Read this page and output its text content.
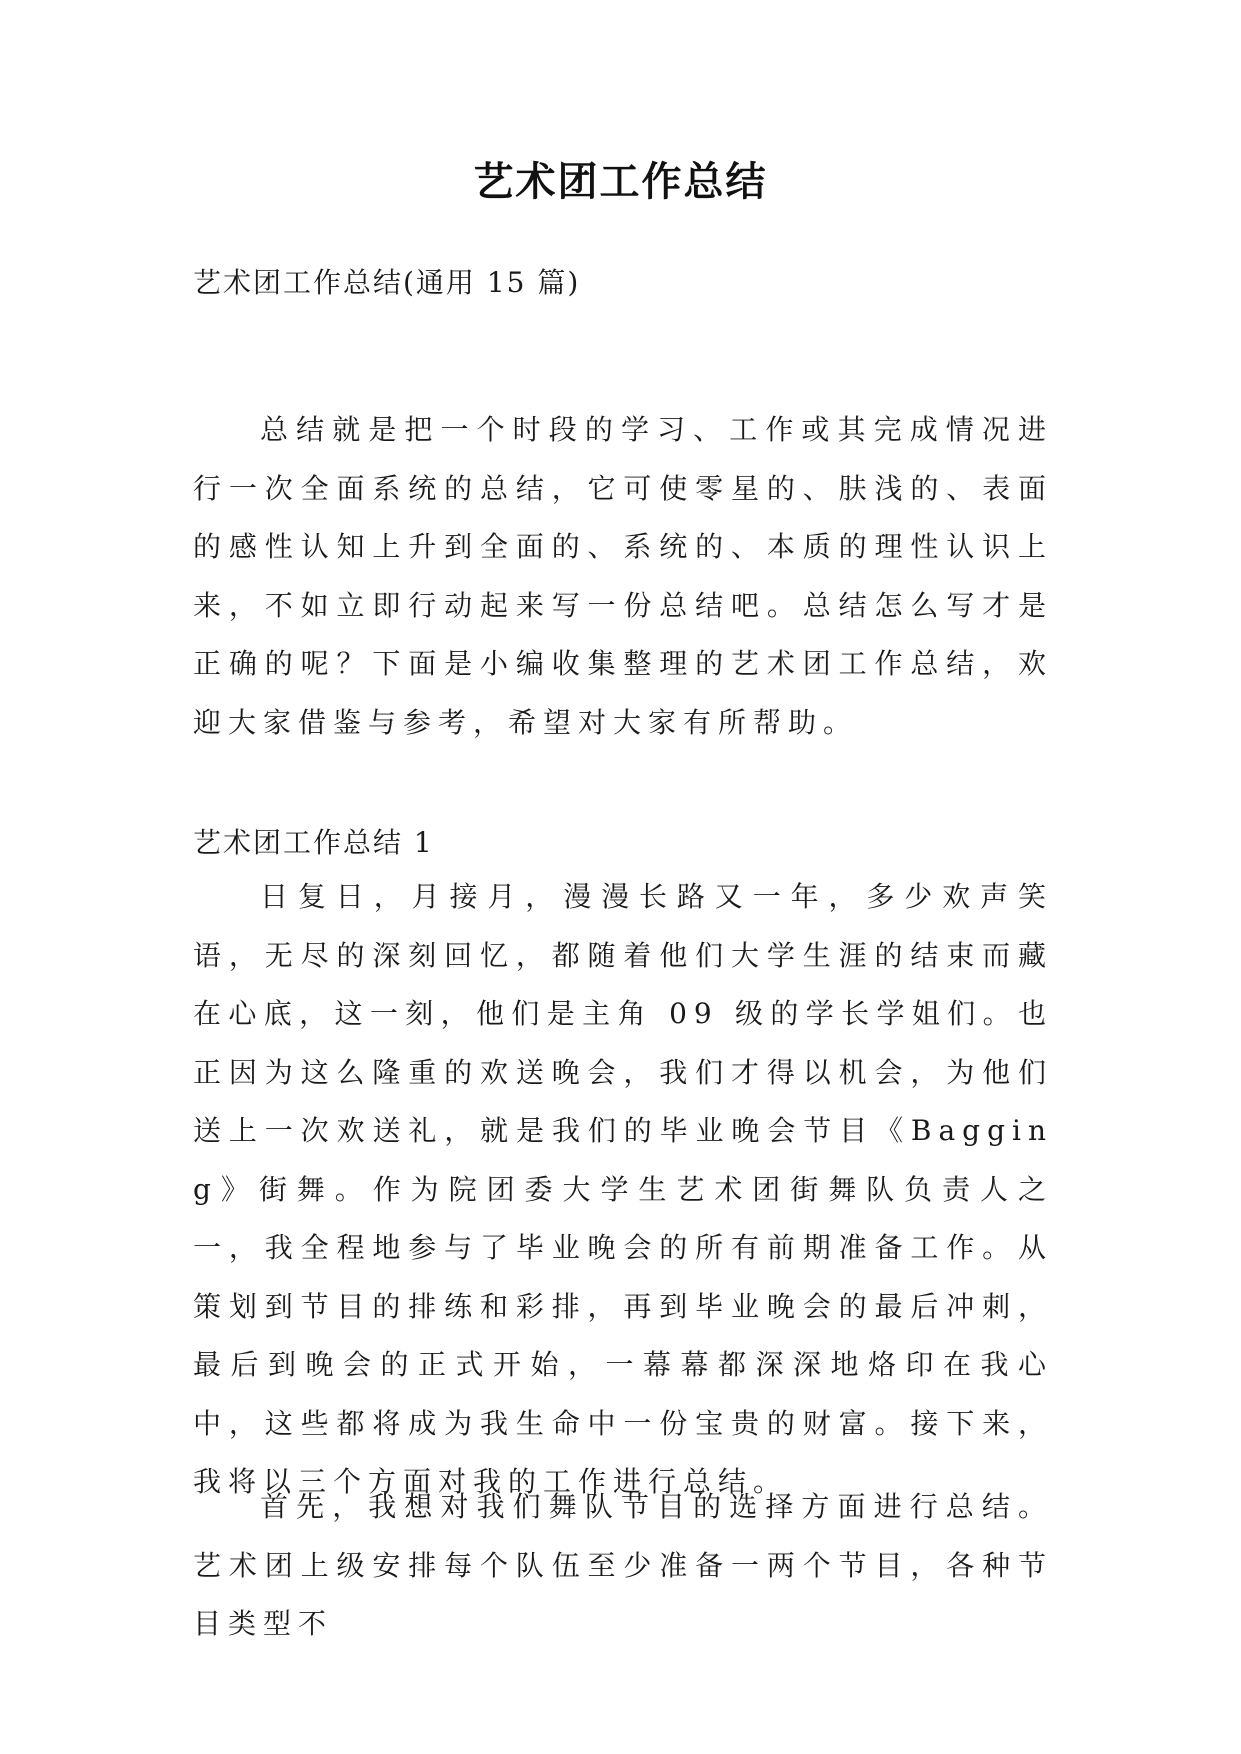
艺术团工作总结
艺术团工作总结(通用 15 篇)
总结就是把一个时段的学习、工作或其完成情况进行一次全面系统的总结，它可使零星的、肤浅的、表面的感性认知上升到全面的、系统的、本质的理性认识上来，不如立即行动起来写一份总结吧。总结怎么写才是正确的呢？下面是小编收集整理的艺术团工作总结，欢迎大家借鉴与参考，希望对大家有所帮助。
艺术团工作总结 1
日复日，月接月，漫漫长路又一年，多少欢声笑语，无尽的深刻回忆，都随着他们大学生涯的结束而藏在心底，这一刻，他们是主角 09 级的学长学姐们。也正因为这么隆重的欢送晚会，我们才得以机会，为他们送上一次欢送礼，就是我们的毕业晚会节目《Bagging》街舞。作为院团委大学生艺术团街舞队负责人之一，我全程地参与了毕业晚会的所有前期准备工作。从策划到节目的排练和彩排，再到毕业晚会的最后冲刺，最后到晚会的正式开始，一幕幕都深深地烙印在我心中，这些都将成为我生命中一份宝贵的财富。接下来，我将以三个方面对我的工作进行总结。
首先，我想对我们舞队节目的选择方面进行总结。艺术团上级安排每个队伍至少准备一两个节目，各种节目类型不
